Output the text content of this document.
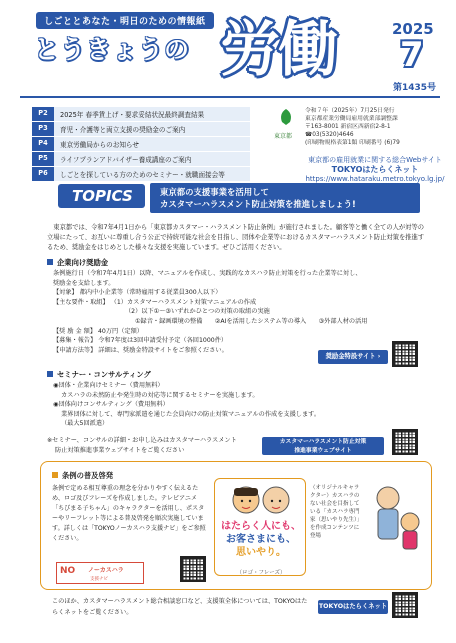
しごととあなた・明日のための情報紙
とうきょうの 労働	2025
7
第1435号
P2	2025年 春季賃上げ・要求妥結状況最終調査結果
P3	育児・介護等と両立支援の奨励金のご案内
P4	東京労働局からのお知らせ
P5	ライフプランアドバイザー養成講座のご案内
P6	しごとを探している方のためのセミナー・就職面接会等
東京都
令和７年（2025年）7月25日発行
東京都産業労働局雇用就業部調整課
〒163-8001 新宿区西新宿2-8-1
☎03(5320)4646
(印刷物規格表第1類 印刷番号 (6)79
東京都の雇用就業に関する総合Webサイト
TOKYOはたらくネット
https://www.hataraku.metro.tokyo.lg.jp/
TOPICS	東京都の支援事業を活用して
カスタマーハラスメント防止対策を推進しましょう!
東京都では、令和7年4月1日から「東京都カスタマー・ハラスメント防止条例」が施行されました。顧客等と働く全ての人が対等の立場にたって、お互いに尊重し合う公正で持続可能な社会を目指し、団体や企業等におけるカスタマーハラスメント防止対策を推進するため、奨励金をはじめとした様々な支援を実施しています。ぜひご活用ください。
企業向け奨励金
条例施行日（令和7年4月1日）以降、マニュアルを作成し、実践的なカスハラ防止対策を行った企業等に対し、
奨励金を支給します。
【対象】 都内中小企業等（常時雇用する従業員300人以下）
【主な要件・取組】 （1）カスタマーハラスメント対策マニュアルの作成
（2）以下①～③いずれかひとつの対策の取組の実施
①録音・録画環境の整備　　②AIを活用したシステム等の導入　　③外部人材の活用
【奨 励 金 額】 40万円（定額）
【募集・報告】 令和7年度は3回申請受付予定（各回1000件）
【申請方法等】 詳細は、奨励金特設サイトをご参照ください。
奨励金特設サイト ›
セミナー・コンサルティング
◉団体・企業向けセミナー（費用無料）
カスハラの未然防止や発生時の対応等に関するセミナーを実施します。
◉団体向けコンサルティング（費用無料）
業界団体に対して、専門家派遣を通じた会員向けの防止対策マニュアルの作成を支援します。
（最大5回派遣）
※セミナー、コンサルの詳細・お申し込みはカスタマーハラスメント
防止対策推進事業ウェブサイトをご覧ください
カスタマーハラスメント防止対策
推進事業ウェブサイト
›
条例の普及啓発
条例で定める相互尊重の理念を分かりやすく伝えるため、ロゴ及びフレーズを作成しました。テレビアニメ「ちびまる子ちゃん」のキャラクターを活用し、ポスターやリーフレット等による普及啓発を順次実施しています。詳しくは「TOKYOノーカスハラ支援ナビ」をご参照ください。
はたらく人にも、
お客さまにも、
思いやり。
（ロゴ・フレーズ）
（オリジナルキャラクター）カスハラのない社会を目指している「カスハラ専門家（思いやり先生）」を作成コンテンツに登場
NO ノーカスハラ
支援ナビ
このほか、カスタマーハラスメント総合相談窓口など、支援策全体については、TOKYOはたらくネットをご覧ください。
TOKYOはたらくネット ›
